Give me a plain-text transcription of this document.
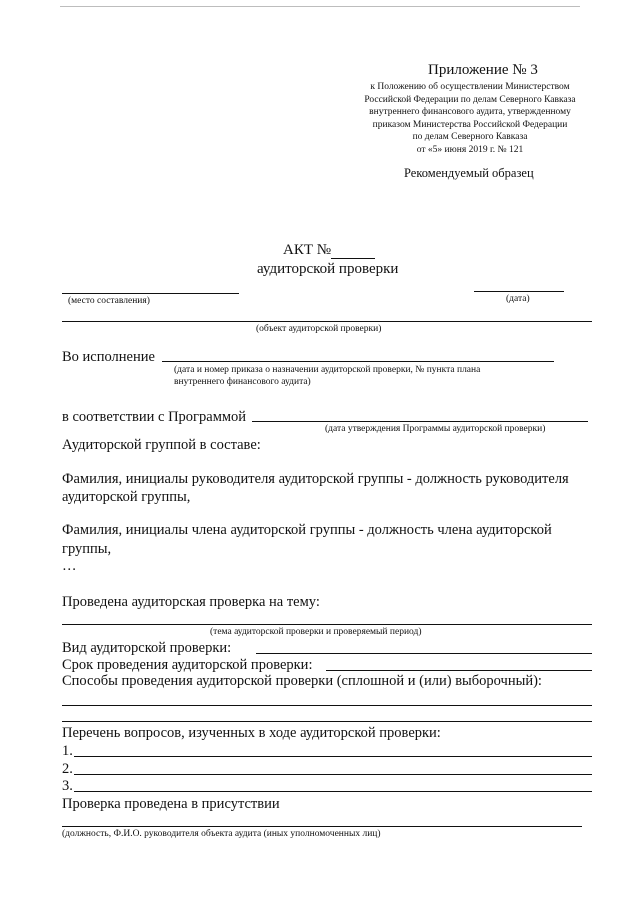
Приложение № 3
к Положению об осуществлении Министерством
Российской Федерации по делам Северного Кавказа
внутреннего финансового аудита, утвержденному
приказом Министерства Российской Федерации
по делам Северного Кавказа
от «5» июня 2019 г. № 121
Рекомендуемый образец
АКТ №
аудиторской проверки
(место составления)	(дата)
(объект аудиторской проверки)
Во исполнение
(дата и номер приказа о назначении аудиторской проверки, № пункта плана
внутреннего финансового аудита)
в соответствии с Программой
(дата утверждения Программы аудиторской проверки)
Аудиторской группой в составе:
Фамилия, инициалы руководителя аудиторской группы - должность руководителя
аудиторской группы,
Фамилия, инициалы члена аудиторской группы - должность члена аудиторской
группы,
…
Проведена аудиторская проверка на тему:
(тема аудиторской проверки и проверяемый период)
Вид аудиторской проверки:
Срок проведения аудиторской проверки:
Способы проведения аудиторской проверки (сплошной и (или) выборочный):
Перечень вопросов, изученных в ходе аудиторской проверки:
1.
2.
3.
Проверка проведена в присутствии
(должность, Ф.И.О. руководителя объекта аудита (иных уполномоченных лиц)
